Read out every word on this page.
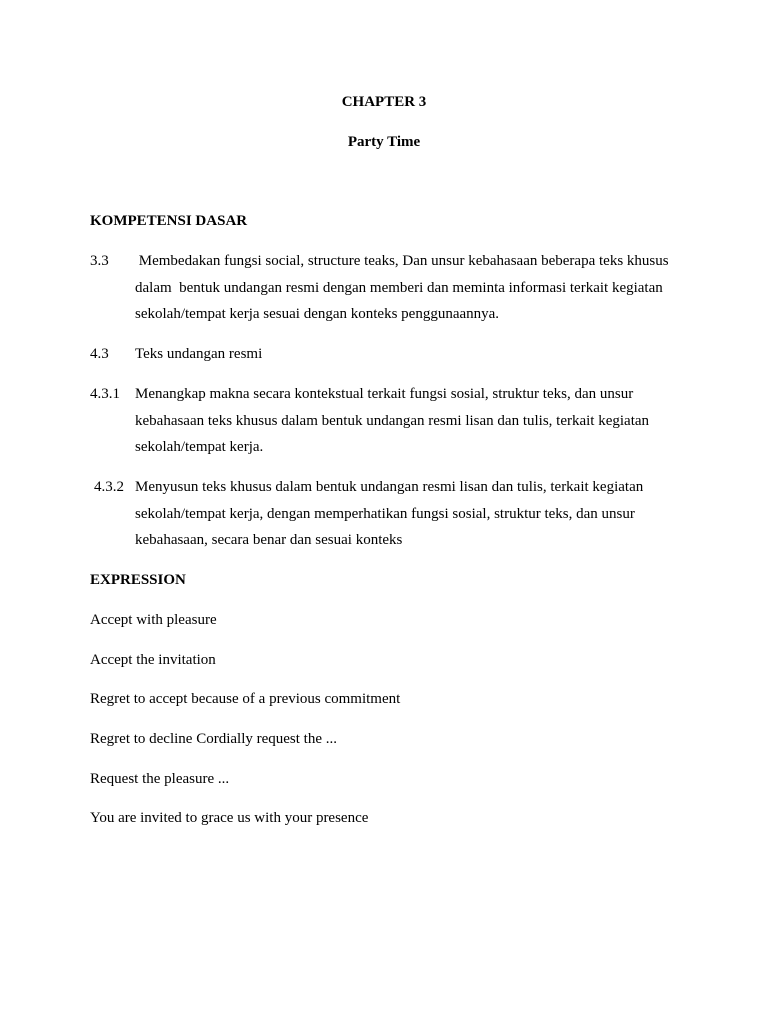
CHAPTER 3
Party Time
KOMPETENSI DASAR
3.3 Membedakan fungsi social, structure teaks, Dan unsur kebahasaan beberapa teks khusus
dalam  bentuk undangan resmi dengan memberi dan meminta informasi terkait kegiatan
sekolah/tempat kerja sesuai dengan konteks penggunaannya.
4.3 Teks undangan resmi
4.3.1 Menangkap makna secara kontekstual terkait fungsi sosial, struktur teks, dan unsur
kebahasaan teks khusus dalam bentuk undangan resmi lisan dan tulis, terkait kegiatan
sekolah/tempat kerja.
4.3.2 Menyusun teks khusus dalam bentuk undangan resmi lisan dan tulis, terkait kegiatan
sekolah/tempat kerja, dengan memperhatikan fungsi sosial, struktur teks, dan unsur
kebahasaan, secara benar dan sesuai konteks
EXPRESSION
Accept with pleasure
Accept the invitation
Regret to accept because of a previous commitment
Regret to decline Cordially request the ...
Request the pleasure ...
You are invited to grace us with your presence
